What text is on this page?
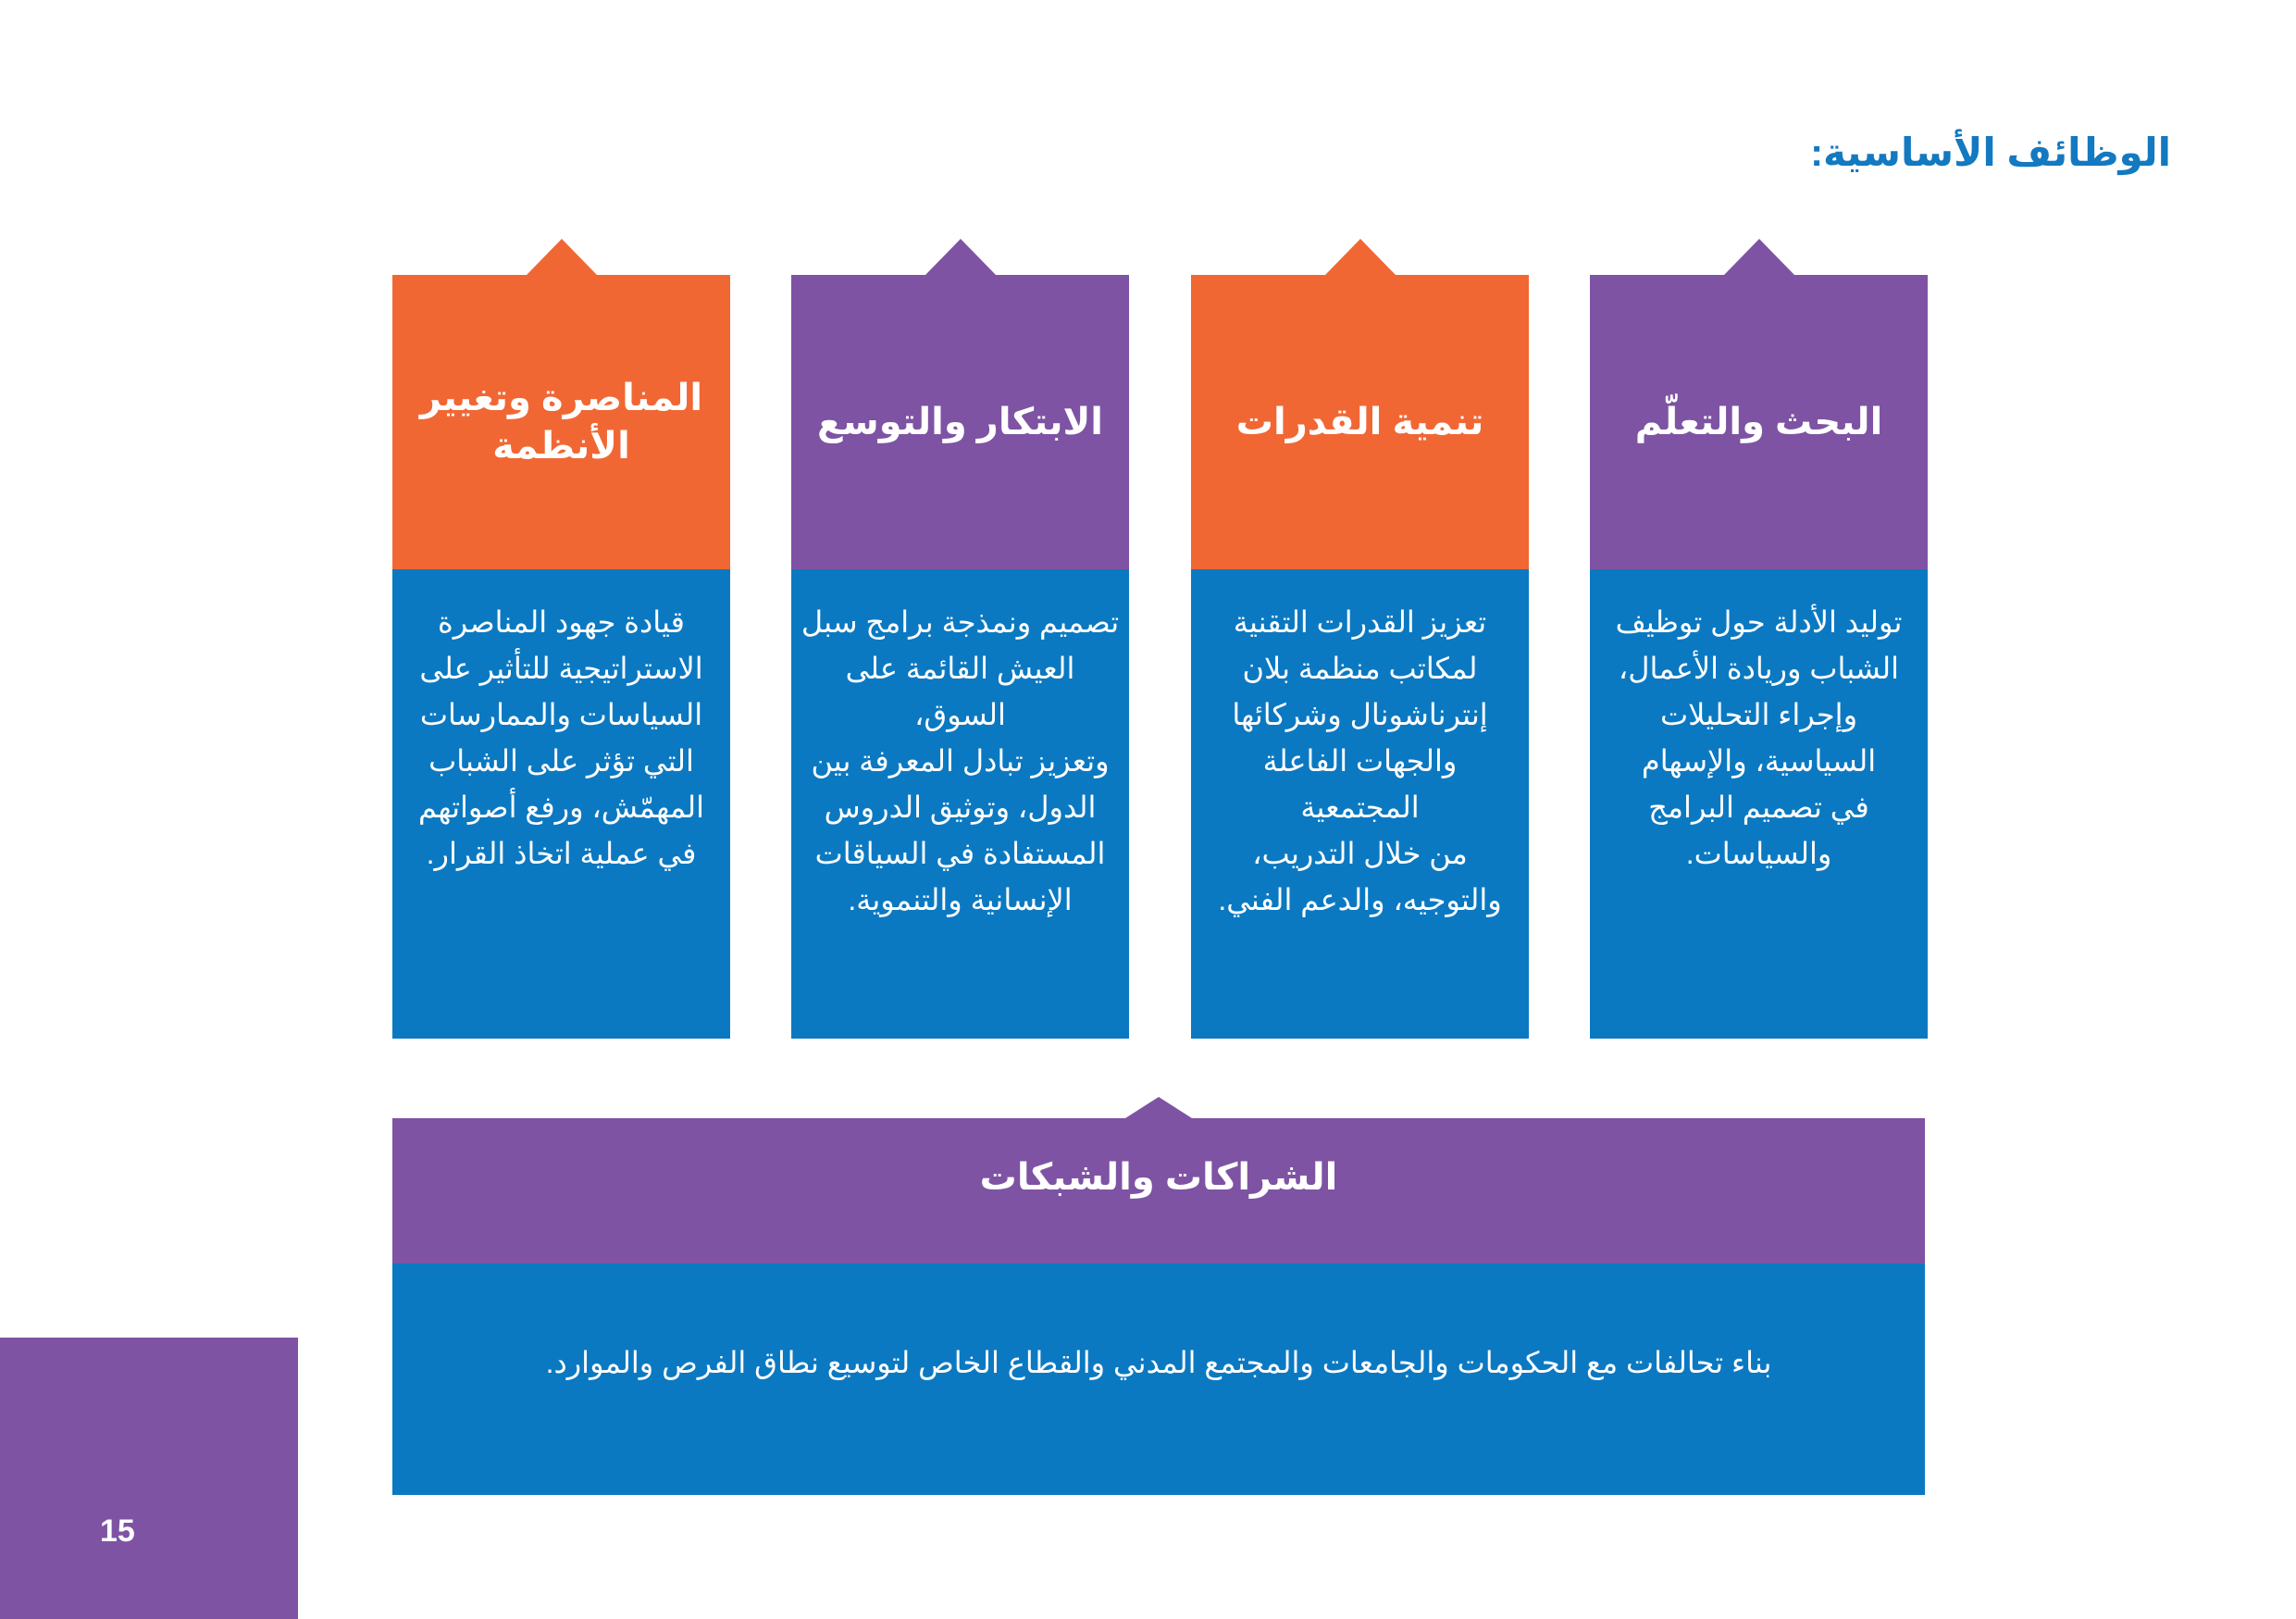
الوظائف الأساسية:
البحث والتعلّم
توليد الأدلة حول توظيف
الشباب وريادة الأعمال،
وإجراء التحليلات
السياسية، والإسهام
في تصميم البرامج
والسياسات.
تنمية القدرات
تعزيز القدرات التقنية
لمكاتب منظمة بلان
إنترناشونال وشركائها
والجهات الفاعلة المجتمعية
من خلال التدريب،
والتوجيه، والدعم الفني.
الابتكار والتوسع
تصميم ونمذجة برامج سبل
العيش القائمة على السوق،
وتعزيز تبادل المعرفة بين
الدول، وتوثيق الدروس
المستفادة في السياقات
الإنسانية والتنموية.
المناصرة وتغيير الأنظمة
قيادة جهود المناصرة
الاستراتيجية للتأثير على
السياسات والممارسات
التي تؤثر على الشباب
المهمّش، ورفع أصواتهم
في عملية اتخاذ القرار.
الشراكات والشبكات
بناء تحالفات مع الحكومات والجامعات والمجتمع المدني والقطاع الخاص لتوسيع نطاق الفرص والموارد.
15
